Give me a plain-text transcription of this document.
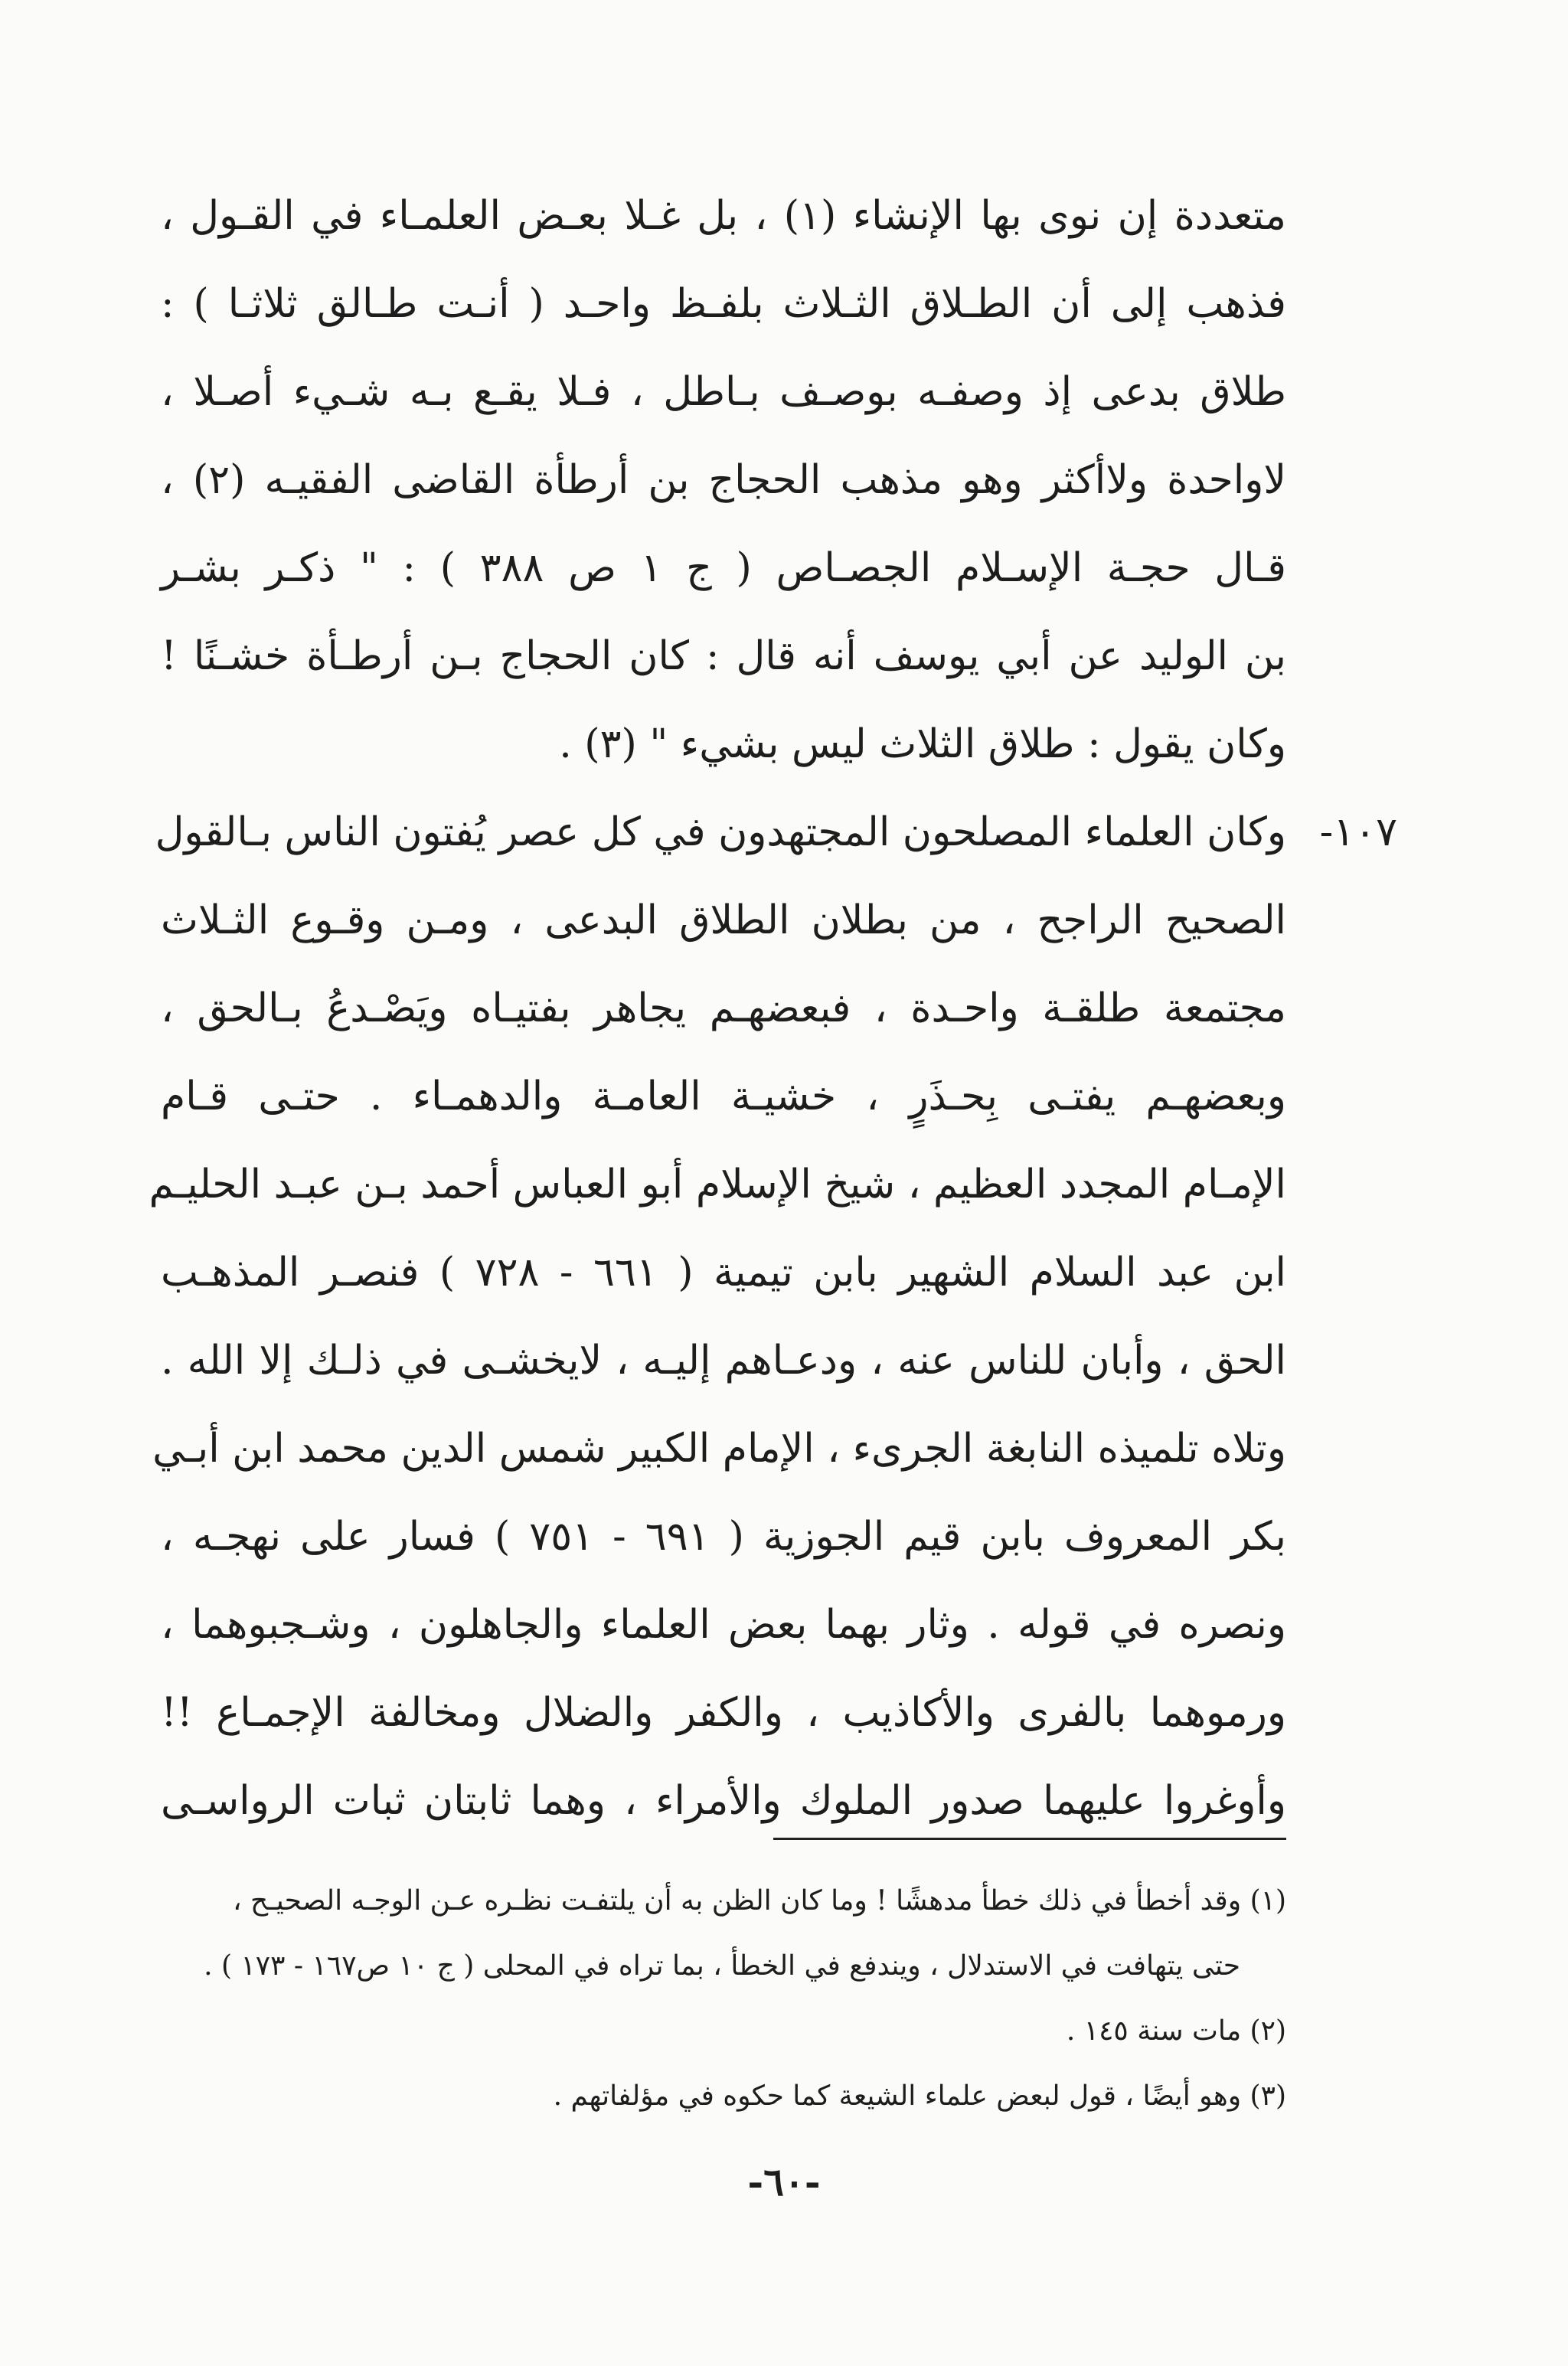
متعددة إن نوى بها الإنشاء (١) ، بل غـلا بعـض العلمـاء في القـول ،
فذهب إلى أن الطـلاق الثـلاث بلفـظ واحـد ( أنـت طـالق ثلاثـا ) :
طلاق بدعى إذ وصفـه بوصـف بـاطل ، فـلا يقـع بـه شـيء أصـلا ،
لاواحدة ولاأكثر وهو مذهب الحجاج بن أرطأة القاضى الفقيـه (٢) ،
قـال حجـة الإسـلام الجصـاص ( ج ١ ص ٣٨٨ ) : " ذكـر بشـر
بن الوليد عن أبي يوسف أنه قال : كان الحجاج بـن أرطـأة خشـنًا !
وكان يقول : طلاق الثلاث ليس بشيء " (٣) .
١٠٧-
وكان العلماء المصلحون المجتهدون في كل عصر يُفتون الناس بـالقول
الصحيح الراجح ، من بطلان الطلاق البدعى ، ومـن وقـوع الثـلاث
مجتمعة طلقـة واحـدة ، فبعضهـم يجاهر بفتيـاه ويَصْـدعُ بـالحق ،
وبعضهـم يفتـى بِحـذَرٍ ، خشيـة العامـة والدهمـاء . حتـى قـام
الإمـام المجدد العظيم ، شيخ الإسلام أبو العباس أحمد بـن عبـد الحليـم
ابن عبد السلام الشهير بابن تيمية ( ٦٦١ - ٧٢٨ ) فنصـر المذهـب
الحق ، وأبان للناس عنه ، ودعـاهم إليـه ، لايخشـى في ذلـك إلا الله .
وتلاه تلميذه النابغة الجرىء ، الإمام الكبير شمس الدين محمد ابن أبـي
بكر المعروف بابن قيم الجوزية ( ٦٩١ - ٧٥١ ) فسار على نهجـه ،
ونصره في قوله . وثار بهما بعض العلماء والجاهلون ، وشـجبوهما ،
ورموهما بالفرى والأكاذيب ، والكفر والضلال ومخالفة الإجمـاع !!
وأوغروا عليهما صدور الملوك والأمراء ، وهما ثابتان ثبات الرواسـى
(١) وقد أخطأ في ذلك خطأ مدهشًا ! وما كان الظن به أن يلتفـت نظـره عـن الوجـه الصحيـح ،
حتى يتهافت في الاستدلال ، ويندفع في الخطأ ، بما تراه في المحلى ( ج ١٠ ص١٦٧ - ١٧٣ ) .
(٢) مات سنة ١٤٥ .
(٣) وهو أيضًا ، قول لبعض علماء الشيعة كما حكوه في مؤلفاتهم .
-٦٠-
